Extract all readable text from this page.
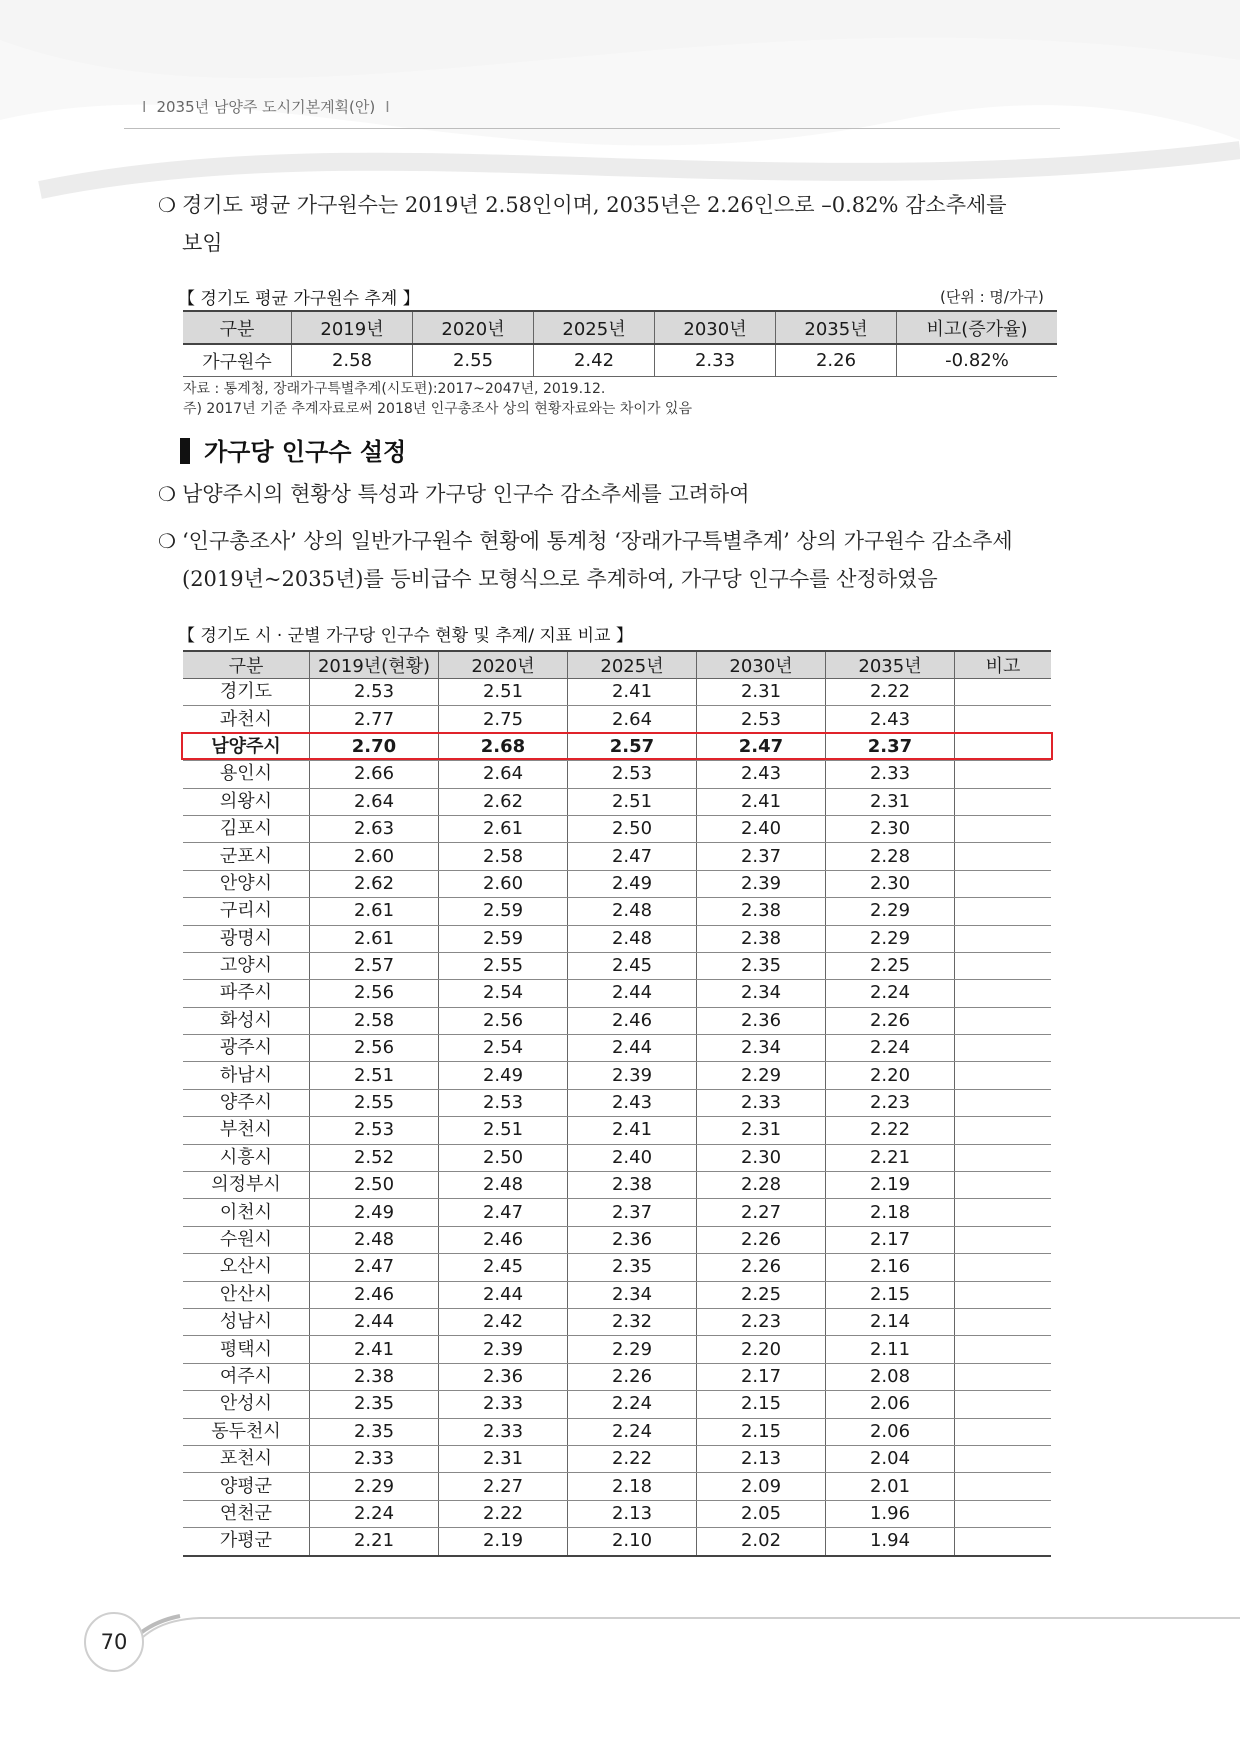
I 2035년 남양주 도시기본계획(안) I
❍ 경기도 평균 가구원수는 2019년 2.58인이며, 2035년은 2.26인으로 –0.82% 감소추세를
보임
【 경기도 평균 가구원수 추계 】	(단위 : 명/가구)
구분	2019년	2020년	2025년	2030년	2035년	비고(증가율)
가구원수	2.58	2.55	2.42	2.33	2.26	-0.82%
자료 : 통계청, 장래가구특별추계(시도편):2017~2047년, 2019.12.
주) 2017년 기준 추계자료로써 2018년 인구총조사 상의 현황자료와는 차이가 있음
가구당 인구수 설정
❍ 남양주시의 현황상 특성과 가구당 인구수 감소추세를 고려하여
❍ ‘인구총조사’ 상의 일반가구원수 현황에 통계청 ‘장래가구특별추계’ 상의 가구원수 감소추세
(2019년~2035년)를 등비급수 모형식으로 추계하여, 가구당 인구수를 산정하였음
【 경기도 시 · 군별 가구당 인구수 현황 및 추계/ 지표 비교 】
구분	2019년(현황)	2020년	2025년	2030년	2035년	비고
경기도	2.53	2.51	2.41	2.31	2.22	
과천시	2.77	2.75	2.64	2.53	2.43	
남양주시	2.70	2.68	2.57	2.47	2.37	
용인시	2.66	2.64	2.53	2.43	2.33	
의왕시	2.64	2.62	2.51	2.41	2.31	
김포시	2.63	2.61	2.50	2.40	2.30	
군포시	2.60	2.58	2.47	2.37	2.28	
안양시	2.62	2.60	2.49	2.39	2.30	
구리시	2.61	2.59	2.48	2.38	2.29	
광명시	2.61	2.59	2.48	2.38	2.29	
고양시	2.57	2.55	2.45	2.35	2.25	
파주시	2.56	2.54	2.44	2.34	2.24	
화성시	2.58	2.56	2.46	2.36	2.26	
광주시	2.56	2.54	2.44	2.34	2.24	
하남시	2.51	2.49	2.39	2.29	2.20	
양주시	2.55	2.53	2.43	2.33	2.23	
부천시	2.53	2.51	2.41	2.31	2.22	
시흥시	2.52	2.50	2.40	2.30	2.21	
의정부시	2.50	2.48	2.38	2.28	2.19	
이천시	2.49	2.47	2.37	2.27	2.18	
수원시	2.48	2.46	2.36	2.26	2.17	
오산시	2.47	2.45	2.35	2.26	2.16	
안산시	2.46	2.44	2.34	2.25	2.15	
성남시	2.44	2.42	2.32	2.23	2.14	
평택시	2.41	2.39	2.29	2.20	2.11	
여주시	2.38	2.36	2.26	2.17	2.08	
안성시	2.35	2.33	2.24	2.15	2.06	
동두천시	2.35	2.33	2.24	2.15	2.06	
포천시	2.33	2.31	2.22	2.13	2.04	
양평군	2.29	2.27	2.18	2.09	2.01	
연천군	2.24	2.22	2.13	2.05	1.96	
가평군	2.21	2.19	2.10	2.02	1.94	
70
